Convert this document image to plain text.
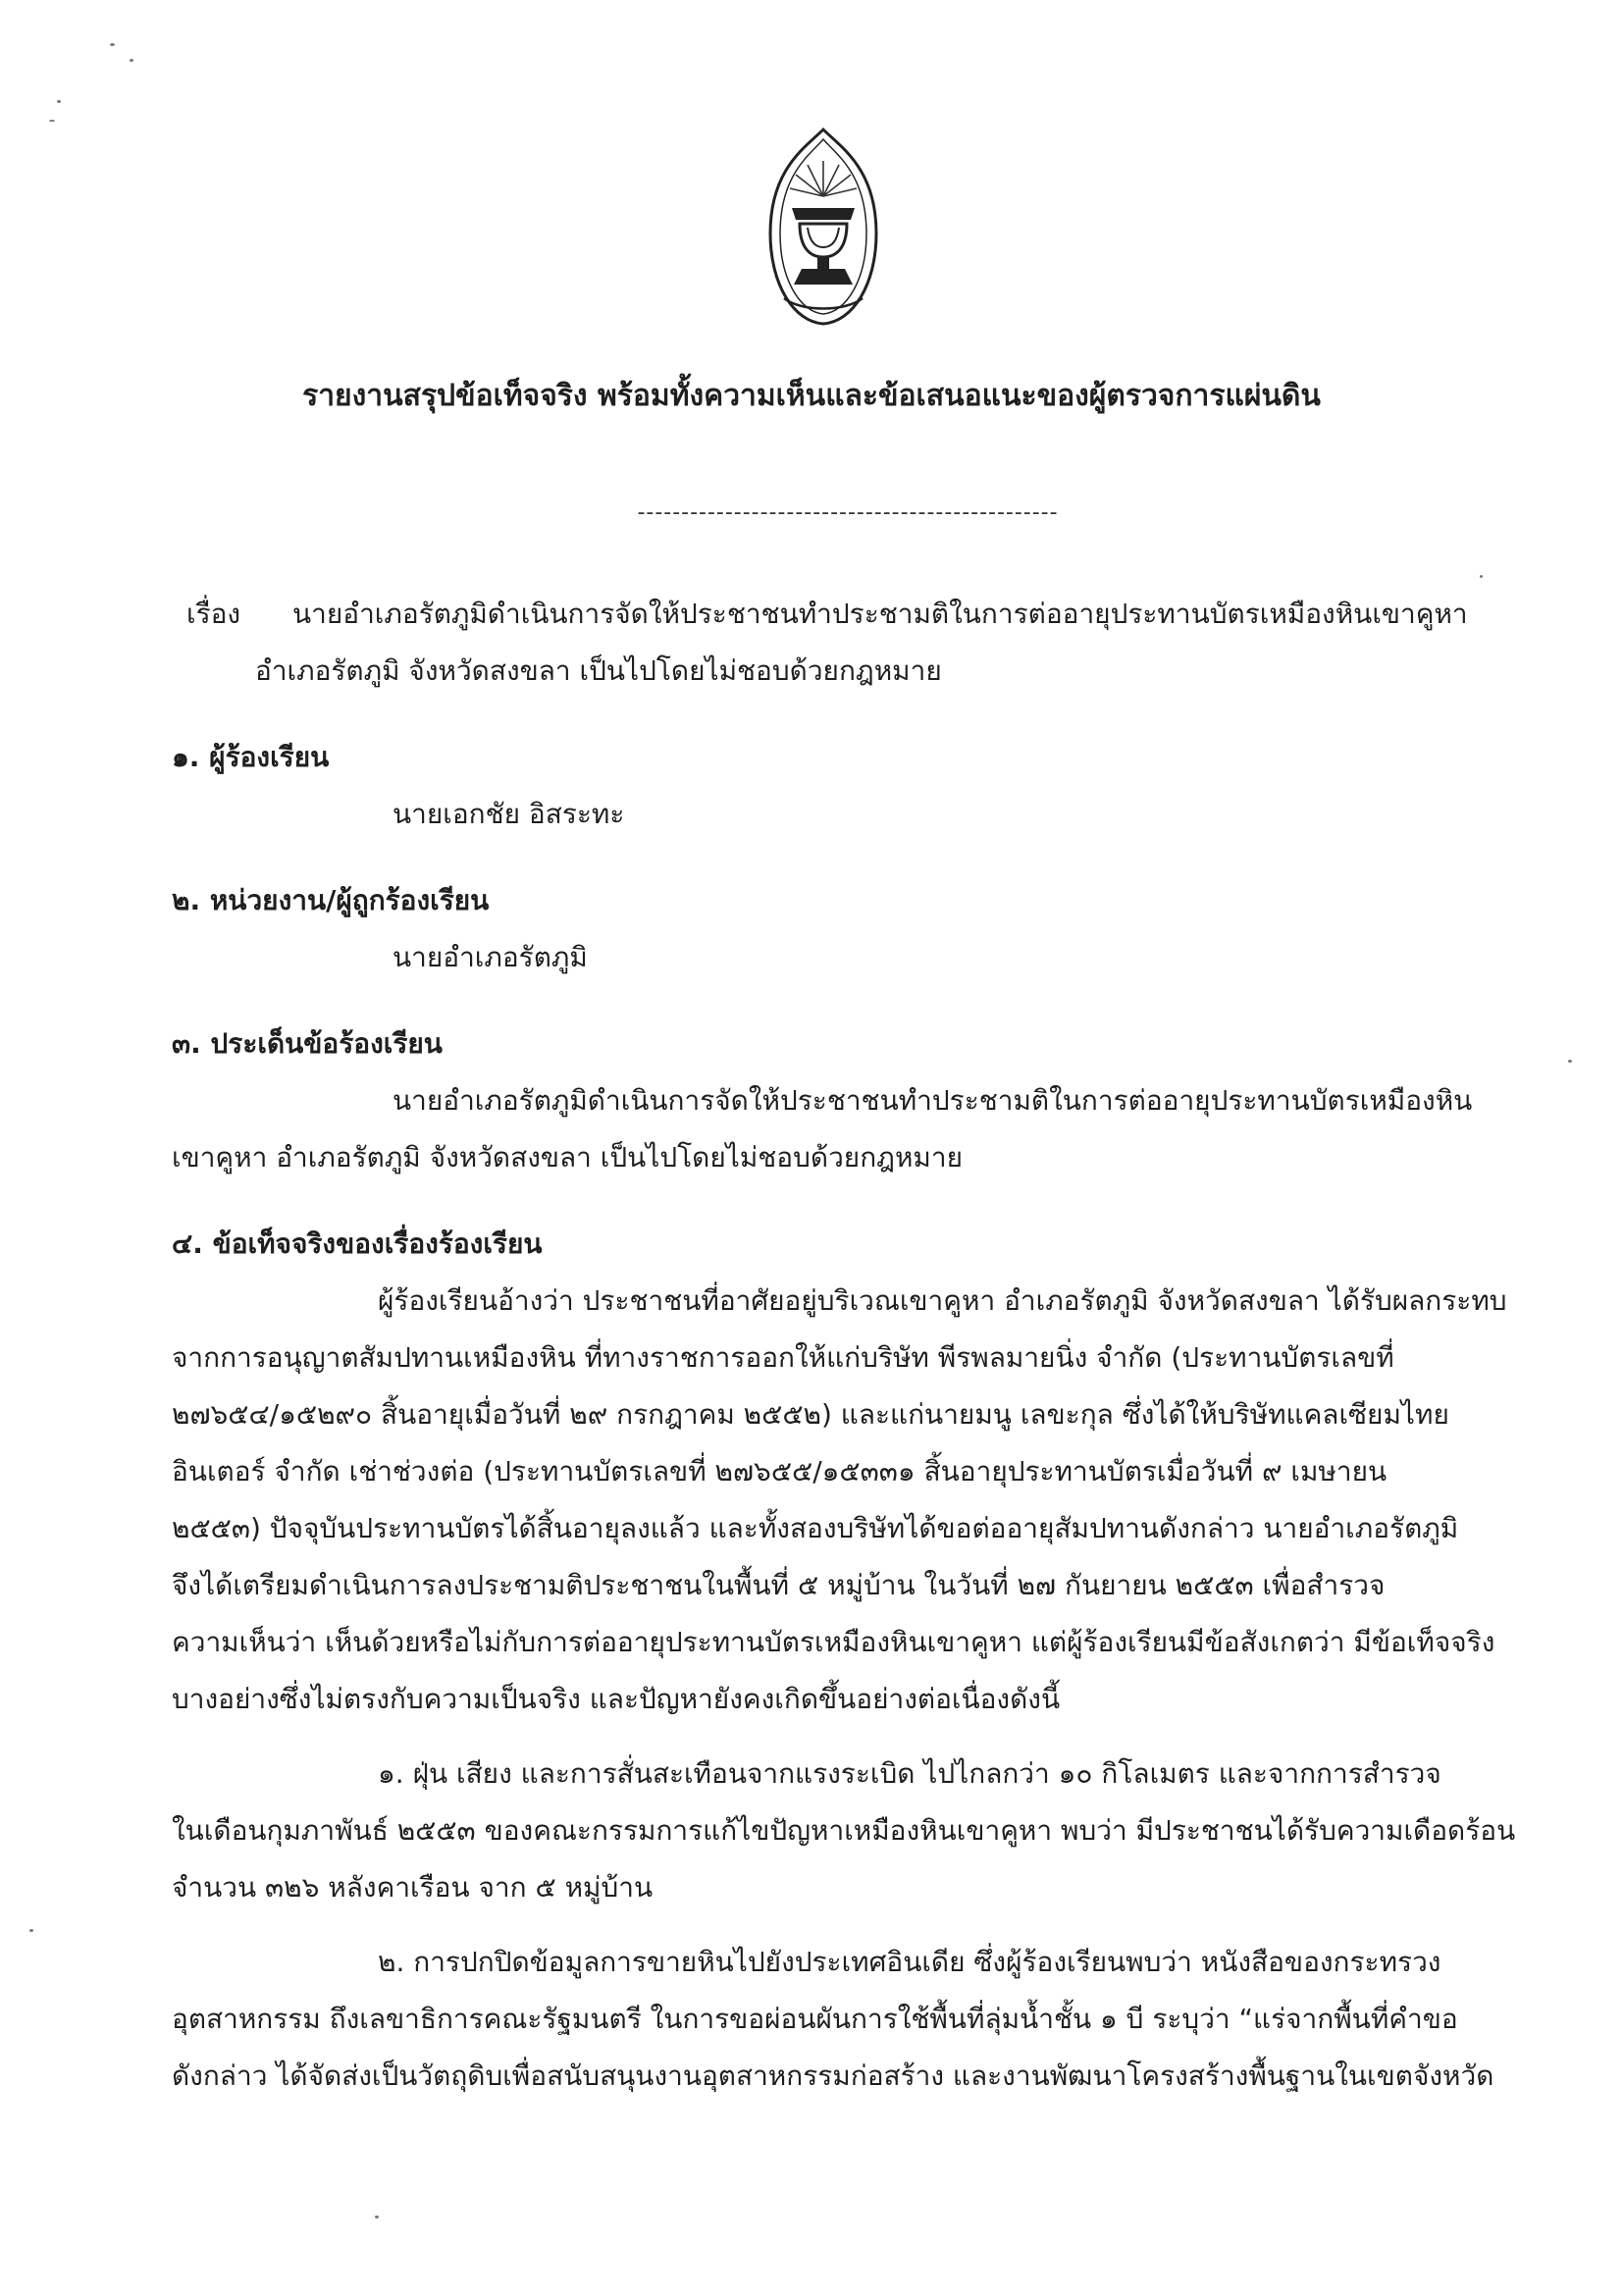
รายงานสรุปข้อเท็จจริง พร้อมทั้งความเห็นและข้อเสนอแนะของผู้ตรวจการแผ่นดิน
------------------------------------------------
เรื่อง นายอำเภอรัตภูมิดำเนินการจัดให้ประชาชนทำประชามติในการต่ออายุประทานบัตรเหมืองหินเขาคูหา
อำเภอรัตภูมิ จังหวัดสงขลา เป็นไปโดยไม่ชอบด้วยกฎหมาย
๑. ผู้ร้องเรียน
นายเอกชัย อิสระทะ
๒. หน่วยงาน/ผู้ถูกร้องเรียน
นายอำเภอรัตภูมิ
๓. ประเด็นข้อร้องเรียน
นายอำเภอรัตภูมิดำเนินการจัดให้ประชาชนทำประชามติในการต่ออายุประทานบัตรเหมืองหิน
เขาคูหา อำเภอรัตภูมิ จังหวัดสงขลา เป็นไปโดยไม่ชอบด้วยกฎหมาย
๔. ข้อเท็จจริงของเรื่องร้องเรียน
ผู้ร้องเรียนอ้างว่า ประชาชนที่อาศัยอยู่บริเวณเขาคูหา อำเภอรัตภูมิ จังหวัดสงขลา ได้รับผลกระทบ
จากการอนุญาตสัมปทานเหมืองหิน ที่ทางราชการออกให้แก่บริษัท พีรพลมายนิ่ง จำกัด (ประทานบัตรเลขที่
๒๗๖๕๔/๑๕๒๙๐ สิ้นอายุเมื่อวันที่ ๒๙ กรกฎาคม ๒๕๕๒) และแก่นายมนู เลขะกุล ซึ่งได้ให้บริษัทแคลเซียมไทย
อินเตอร์ จำกัด เช่าช่วงต่อ (ประทานบัตรเลขที่ ๒๗๖๕๕/๑๕๓๓๑ สิ้นอายุประทานบัตรเมื่อวันที่ ๙ เมษายน
๒๕๕๓) ปัจจุบันประทานบัตรได้สิ้นอายุลงแล้ว และทั้งสองบริษัทได้ขอต่ออายุสัมปทานดังกล่าว นายอำเภอรัตภูมิ
จึงได้เตรียมดำเนินการลงประชามติประชาชนในพื้นที่ ๕ หมู่บ้าน ในวันที่ ๒๗ กันยายน ๒๕๕๓ เพื่อสำรวจ
ความเห็นว่า เห็นด้วยหรือไม่กับการต่ออายุประทานบัตรเหมืองหินเขาคูหา แต่ผู้ร้องเรียนมีข้อสังเกตว่า มีข้อเท็จจริง
บางอย่างซึ่งไม่ตรงกับความเป็นจริง และปัญหายังคงเกิดขึ้นอย่างต่อเนื่องดังนี้
๑. ฝุ่น เสียง และการสั่นสะเทือนจากแรงระเบิด ไปไกลกว่า ๑๐ กิโลเมตร และจากการสำรวจ
ในเดือนกุมภาพันธ์ ๒๕๕๓ ของคณะกรรมการแก้ไขปัญหาเหมืองหินเขาคูหา พบว่า มีประชาชนได้รับความเดือดร้อน
จำนวน ๓๒๖ หลังคาเรือน จาก ๕ หมู่บ้าน
๒. การปกปิดข้อมูลการขายหินไปยังประเทศอินเดีย ซึ่งผู้ร้องเรียนพบว่า หนังสือของกระทรวง
อุตสาหกรรม ถึงเลขาธิการคณะรัฐมนตรี ในการขอผ่อนผันการใช้พื้นที่ลุ่มน้ำชั้น ๑ บี ระบุว่า “แร่จากพื้นที่คำขอ
ดังกล่าว ได้จัดส่งเป็นวัตถุดิบเพื่อสนับสนุนงานอุตสาหกรรมก่อสร้าง และงานพัฒนาโครงสร้างพื้นฐานในเขตจังหวัด
